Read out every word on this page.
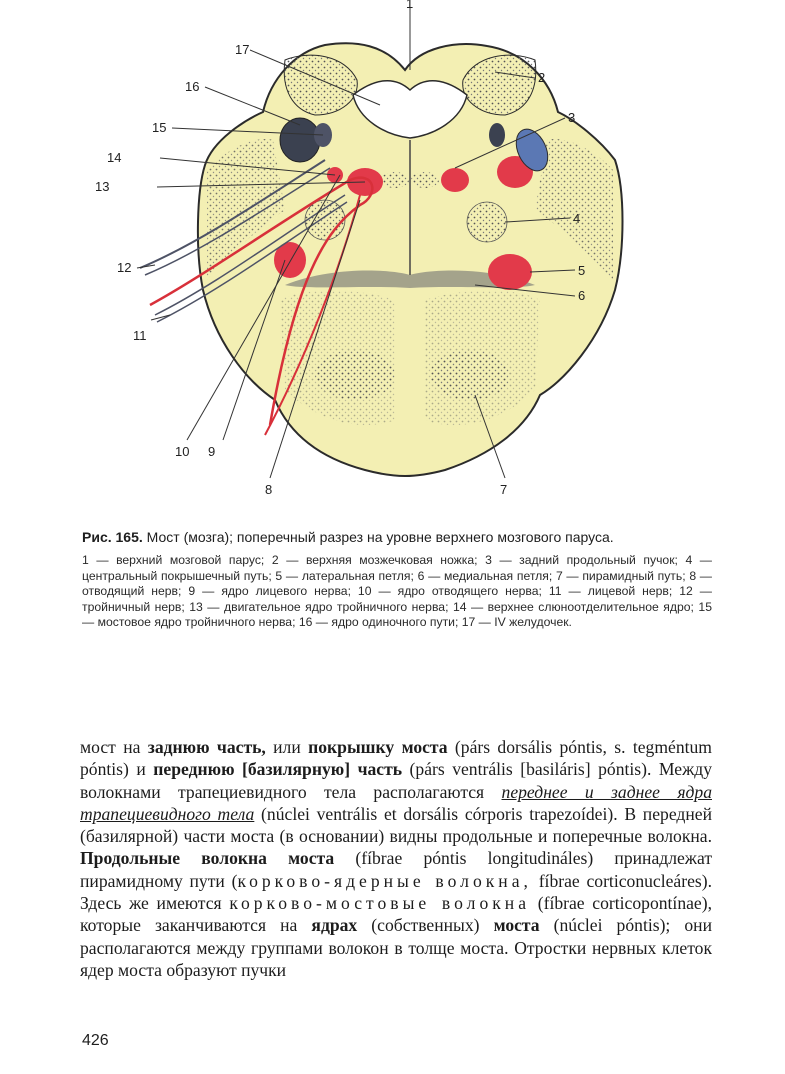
1
2
3
4
5
6
7
8
9
10
11
12
13
14
15
16
17

Рис. 165. Мост (мозга); поперечный разрез на уровне верхнего мозгового паруса.

1 — верхний мозговой парус; 2 — верхняя мозжечковая ножка; 3 — задний продольный пучок; 4 — центральный покрышечный путь; 5 — латеральная петля; 6 — медиальная петля; 7 — пирамидный путь; 8 — отводящий нерв; 9 — ядро лицевого нерва; 10 — ядро отводящего нерва; 11 — лицевой нерв; 12 — тройничный нерв; 13 — двигательное ядро тройничного нерва; 14 — верхнее слюноотделительное ядро; 15 — мостовое ядро тройничного нерва; 16 — ядро одиночного пути; 17 — IV желудочек.

мост на заднюю часть, или покрышку моста (párs dorsális póntis, s. tegméntum póntis) и переднюю [базилярную] часть (párs ventrális [basiláris] póntis). Между волокнами трапециевидного тела располагаются переднее и заднее ядра трапециевидного тела (núclei ventrális et dorsális córporis trapezoídei). В передней (базилярной) части моста (в основании) видны продольные и поперечные волокна. Продольные волокна моста (fíbrae póntis longitudináles) принадлежат пирамидному пути (корково-ядерные волокна, fíbrae corticonucleáres). Здесь же имеются корково-мостовые волокна (fíbrae corticopontínae), которые заканчиваются на ядрах (собственных) моста (núclei póntis); они располагаются между группами волокон в толще моста. Отростки нервных клеток ядер моста образуют пучки

426
